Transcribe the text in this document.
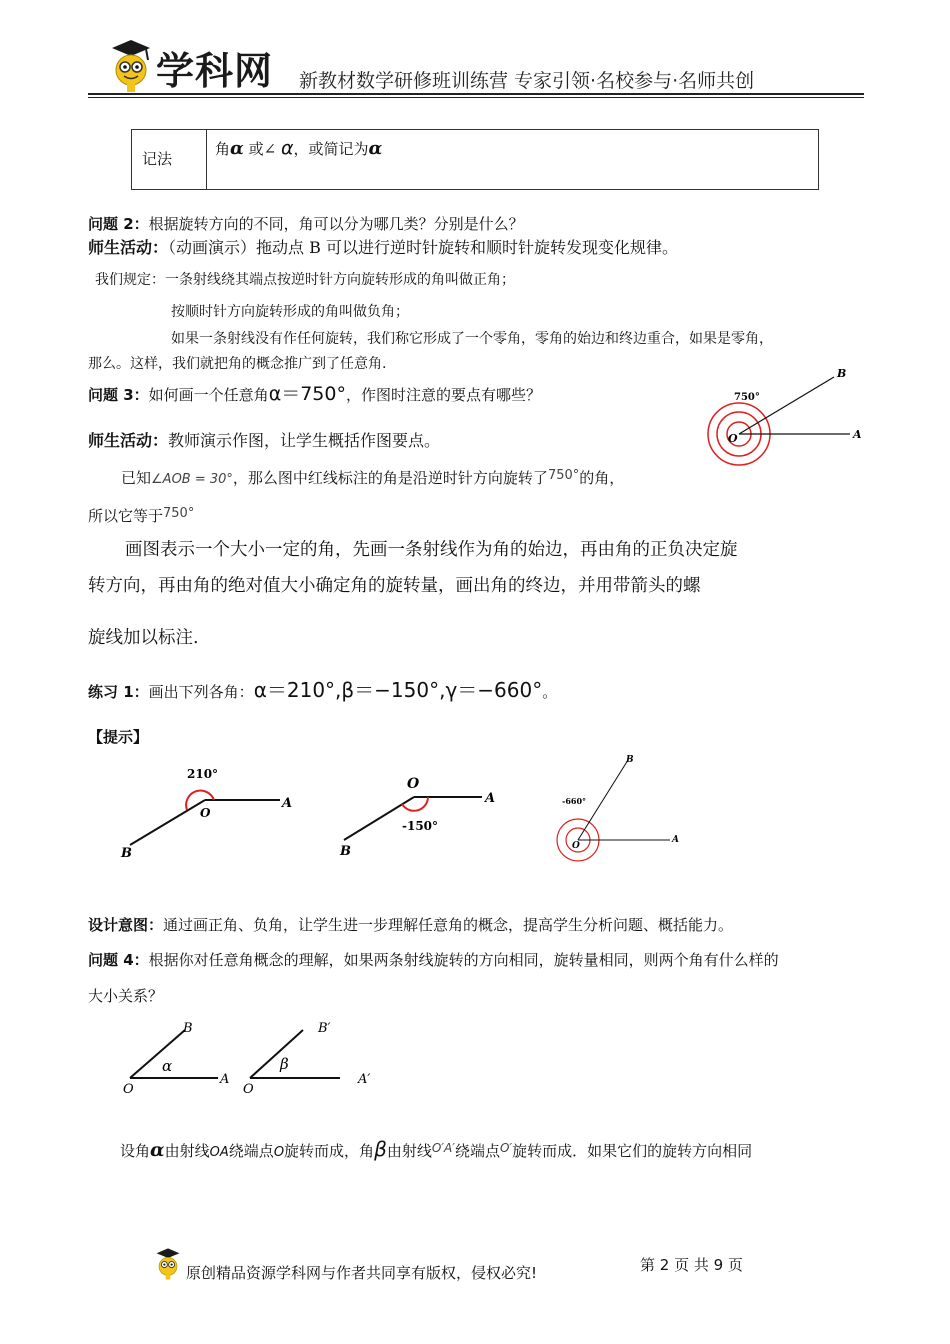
学科网 新教材数学研修班训练营 专家引领·名校参与·名师共创
记法	角α 或∠ α，或简记为α
问题 2：根据旋转方向的不同，角可以分为哪几类？分别是什么？
师生活动：（动画演示）拖动点 B 可以进行逆时针旋转和顺时针旋转发现变化规律。
我们规定：一条射线绕其端点按逆时针方向旋转形成的角叫做正角；
按顺时针方向旋转形成的角叫做负角；
如果一条射线没有作任何旋转，我们称它形成了一个零角，零角的始边和终边重合，如果是零角，
那么。这样，我们就把角的概念推广到了任意角.
问题 3：如何画一个任意角α＝750°，作图时注意的要点有哪些？
O	A
B
750°
师生活动：教师演示作图，让学生概括作图要点。
已知∠AOB = 30°，那么图中红线标注的角是沿逆时针方向旋转了750°的角，
所以它等于750°
画图表示一个大小一定的角，先画一条射线作为角的始边，再由角的正负决定旋
转方向，再由角的绝对值大小确定角的旋转量，画出角的终边，并用带箭头的螺
旋线加以标注.
练习 1：画出下列各角：α＝210°,β＝−150°,γ＝−660°。
【提示】
210°
O
A
B
O
A
B
-150°
O
A
B
-660°
设计意图：通过画正角、负角，让学生进一步理解任意角的概念，提高学生分析问题、概括能力。
问题 4：根据你对任意角概念的理解，如果两条射线旋转的方向相同，旋转量相同，则两个角有什么样的
大小关系？
O
A
B
α
O
A′
B′
β
设角α由射线OA绕端点O旋转而成，角β由射线$^{O'A'}$绕端点$^{O'}$旋转而成．如果它们的旋转方向相同
原创精品资源学科网与作者共同享有版权，侵权必究!	第 2 页 共 9 页
